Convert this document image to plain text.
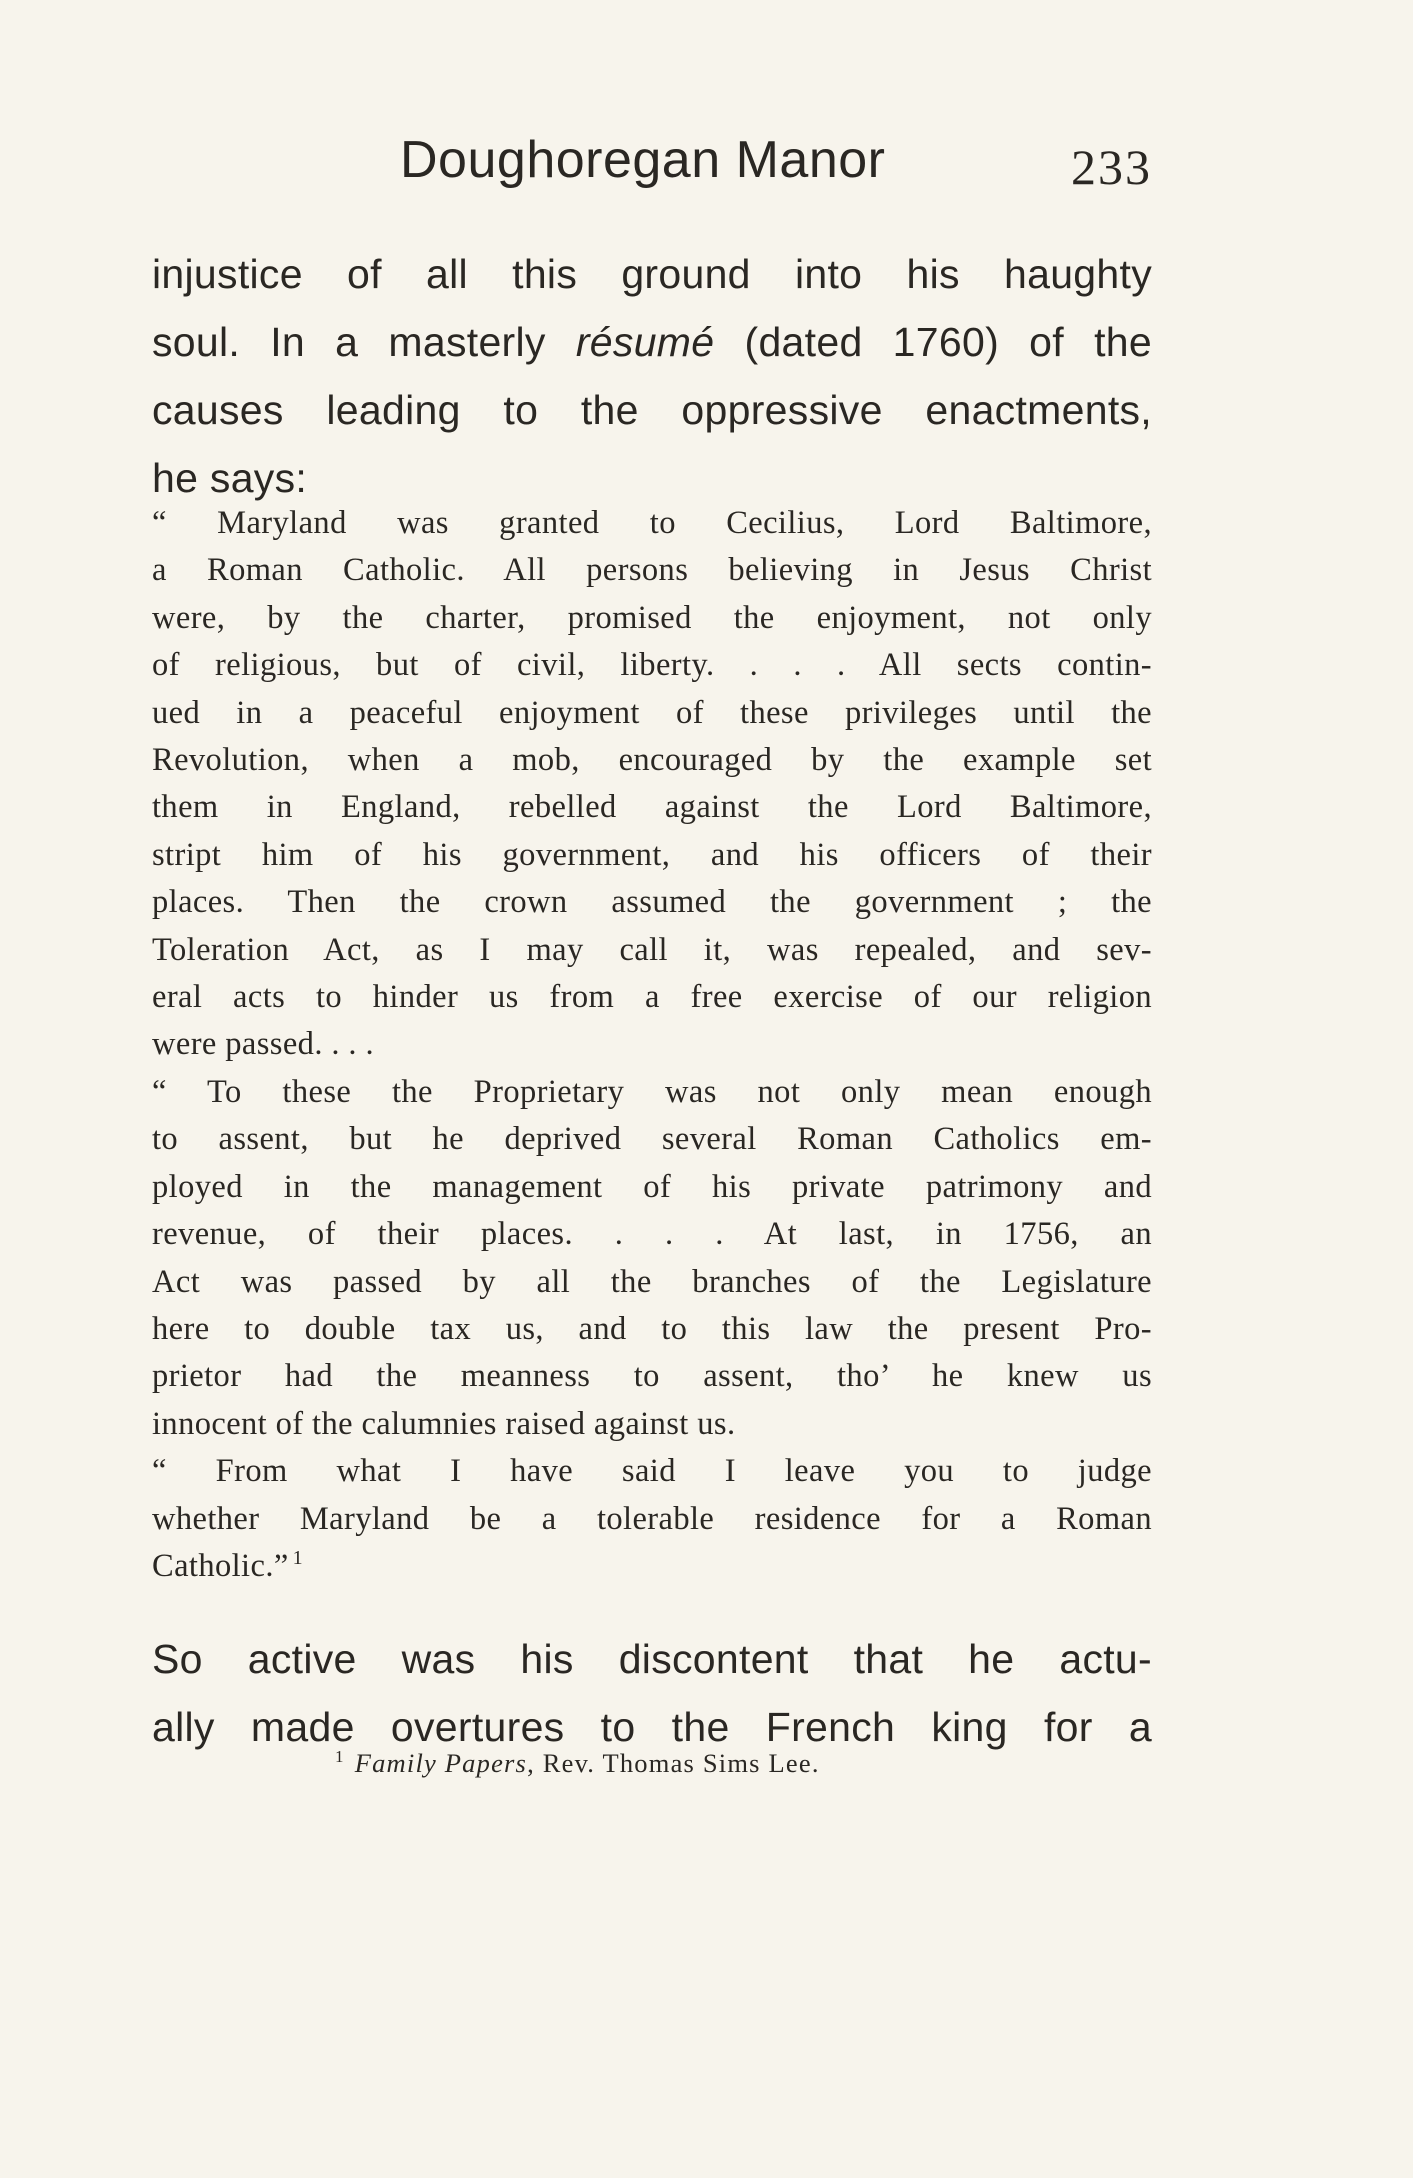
Doughoregan Manor	233
injustice of all this ground into his haughty
soul. In a masterly résumé (dated 1760) of the
causes leading to the oppressive enactments,
he says:
“ Maryland was granted to Cecilius, Lord Baltimore,
a Roman Catholic. All persons believing in Jesus Christ
were, by the charter, promised the enjoyment, not only
of religious, but of civil, liberty. . . . All sects contin-
ued in a peaceful enjoyment of these privileges until the
Revolution, when a mob, encouraged by the example set
them in England, rebelled against the Lord Baltimore,
stript him of his government, and his officers of their
places. Then the crown assumed the government ; the
Toleration Act, as I may call it, was repealed, and sev-
eral acts to hinder us from a free exercise of our religion
were passed. . . .
“ To these the Proprietary was not only mean enough
to assent, but he deprived several Roman Catholics em-
ployed in the management of his private patrimony and
revenue, of their places. . . . At last, in 1756, an
Act was passed by all the branches of the Legislature
here to double tax us, and to this law the present Pro-
prietor had the meanness to assent, tho’ he knew us
innocent of the calumnies raised against us.
“ From what I have said I leave you to judge
whether Maryland be a tolerable residence for a Roman
Catholic.” $^1$
So active was his discontent that he actu-
ally made overtures to the French king for a
$^1$ Family Papers, Rev. Thomas Sims Lee.
